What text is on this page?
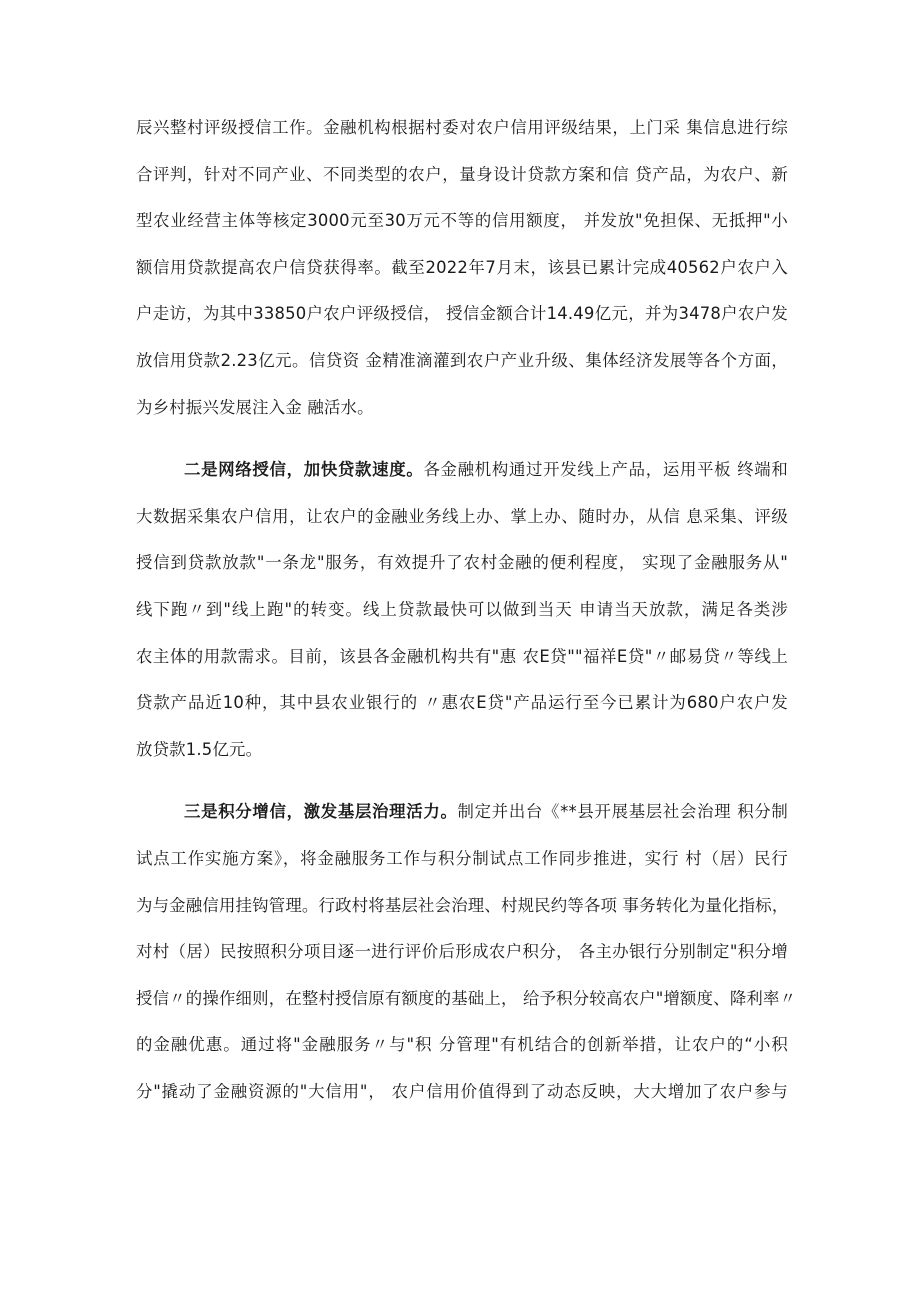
辰兴整村评级授信工作。金融机构根据村委对农户信用评级结果，上门采 集信息进行综
合评判，针对不同产业、不同类型的农户，量身设计贷款方案和信 贷产品，为农户、新
型农业经营主体等核定3000元至30万元不等的信用额度， 并发放"免担保、无抵押"小
额信用贷款提高农户信贷获得率。截至2022年7月末，该县已累计完成40562户农户入
户走访，为其中33850户农户评级授信， 授信金额合计14.49亿元，并为3478户农户发
放信用贷款2.23亿元。信贷资 金精准滴灌到农户产业升级、集体经济发展等各个方面，
为乡村振兴发展注入金 融活水。
二是网络授信，加快贷款速度。各金融机构通过开发线上产品，运用平板 终端和
大数据采集农户信用，让农户的金融业务线上办、掌上办、随时办，从信 息采集、评级
授信到贷款放款"一条龙"服务，有效提升了农村金融的便利程度， 实现了金融服务从"
线下跑〃到"线上跑"的转变。线上贷款最快可以做到当天 申请当天放款，满足各类涉
农主体的用款需求。目前，该县各金融机构共有"惠 农E贷""福祥E贷"〃邮易贷〃等线上
贷款产品近10种，其中县农业银行的 〃惠农E贷"产品运行至今已累计为680户农户发
放贷款1.5亿元。
三是积分增信，激发基层治理活力。制定并出台《**县开展基层社会治理 积分制
试点工作实施方案》，将金融服务工作与积分制试点工作同步推进，实行 村（居）民行
为与金融信用挂钩管理。行政村将基层社会治理、村规民约等各项 事务转化为量化指标，
对村（居）民按照积分项目逐一进行评价后形成农户积分， 各主办银行分别制定"积分增
授信〃的操作细则，在整村授信原有额度的基础上， 给予积分较高农户"增额度、降利率〃
的金融优惠。通过将"金融服务〃与"积 分管理"有机结合的创新举措，让农户的“小积
分"撬动了金融资源的"大信用"， 农户信用价值得到了动态反映，大大增加了农户参与
